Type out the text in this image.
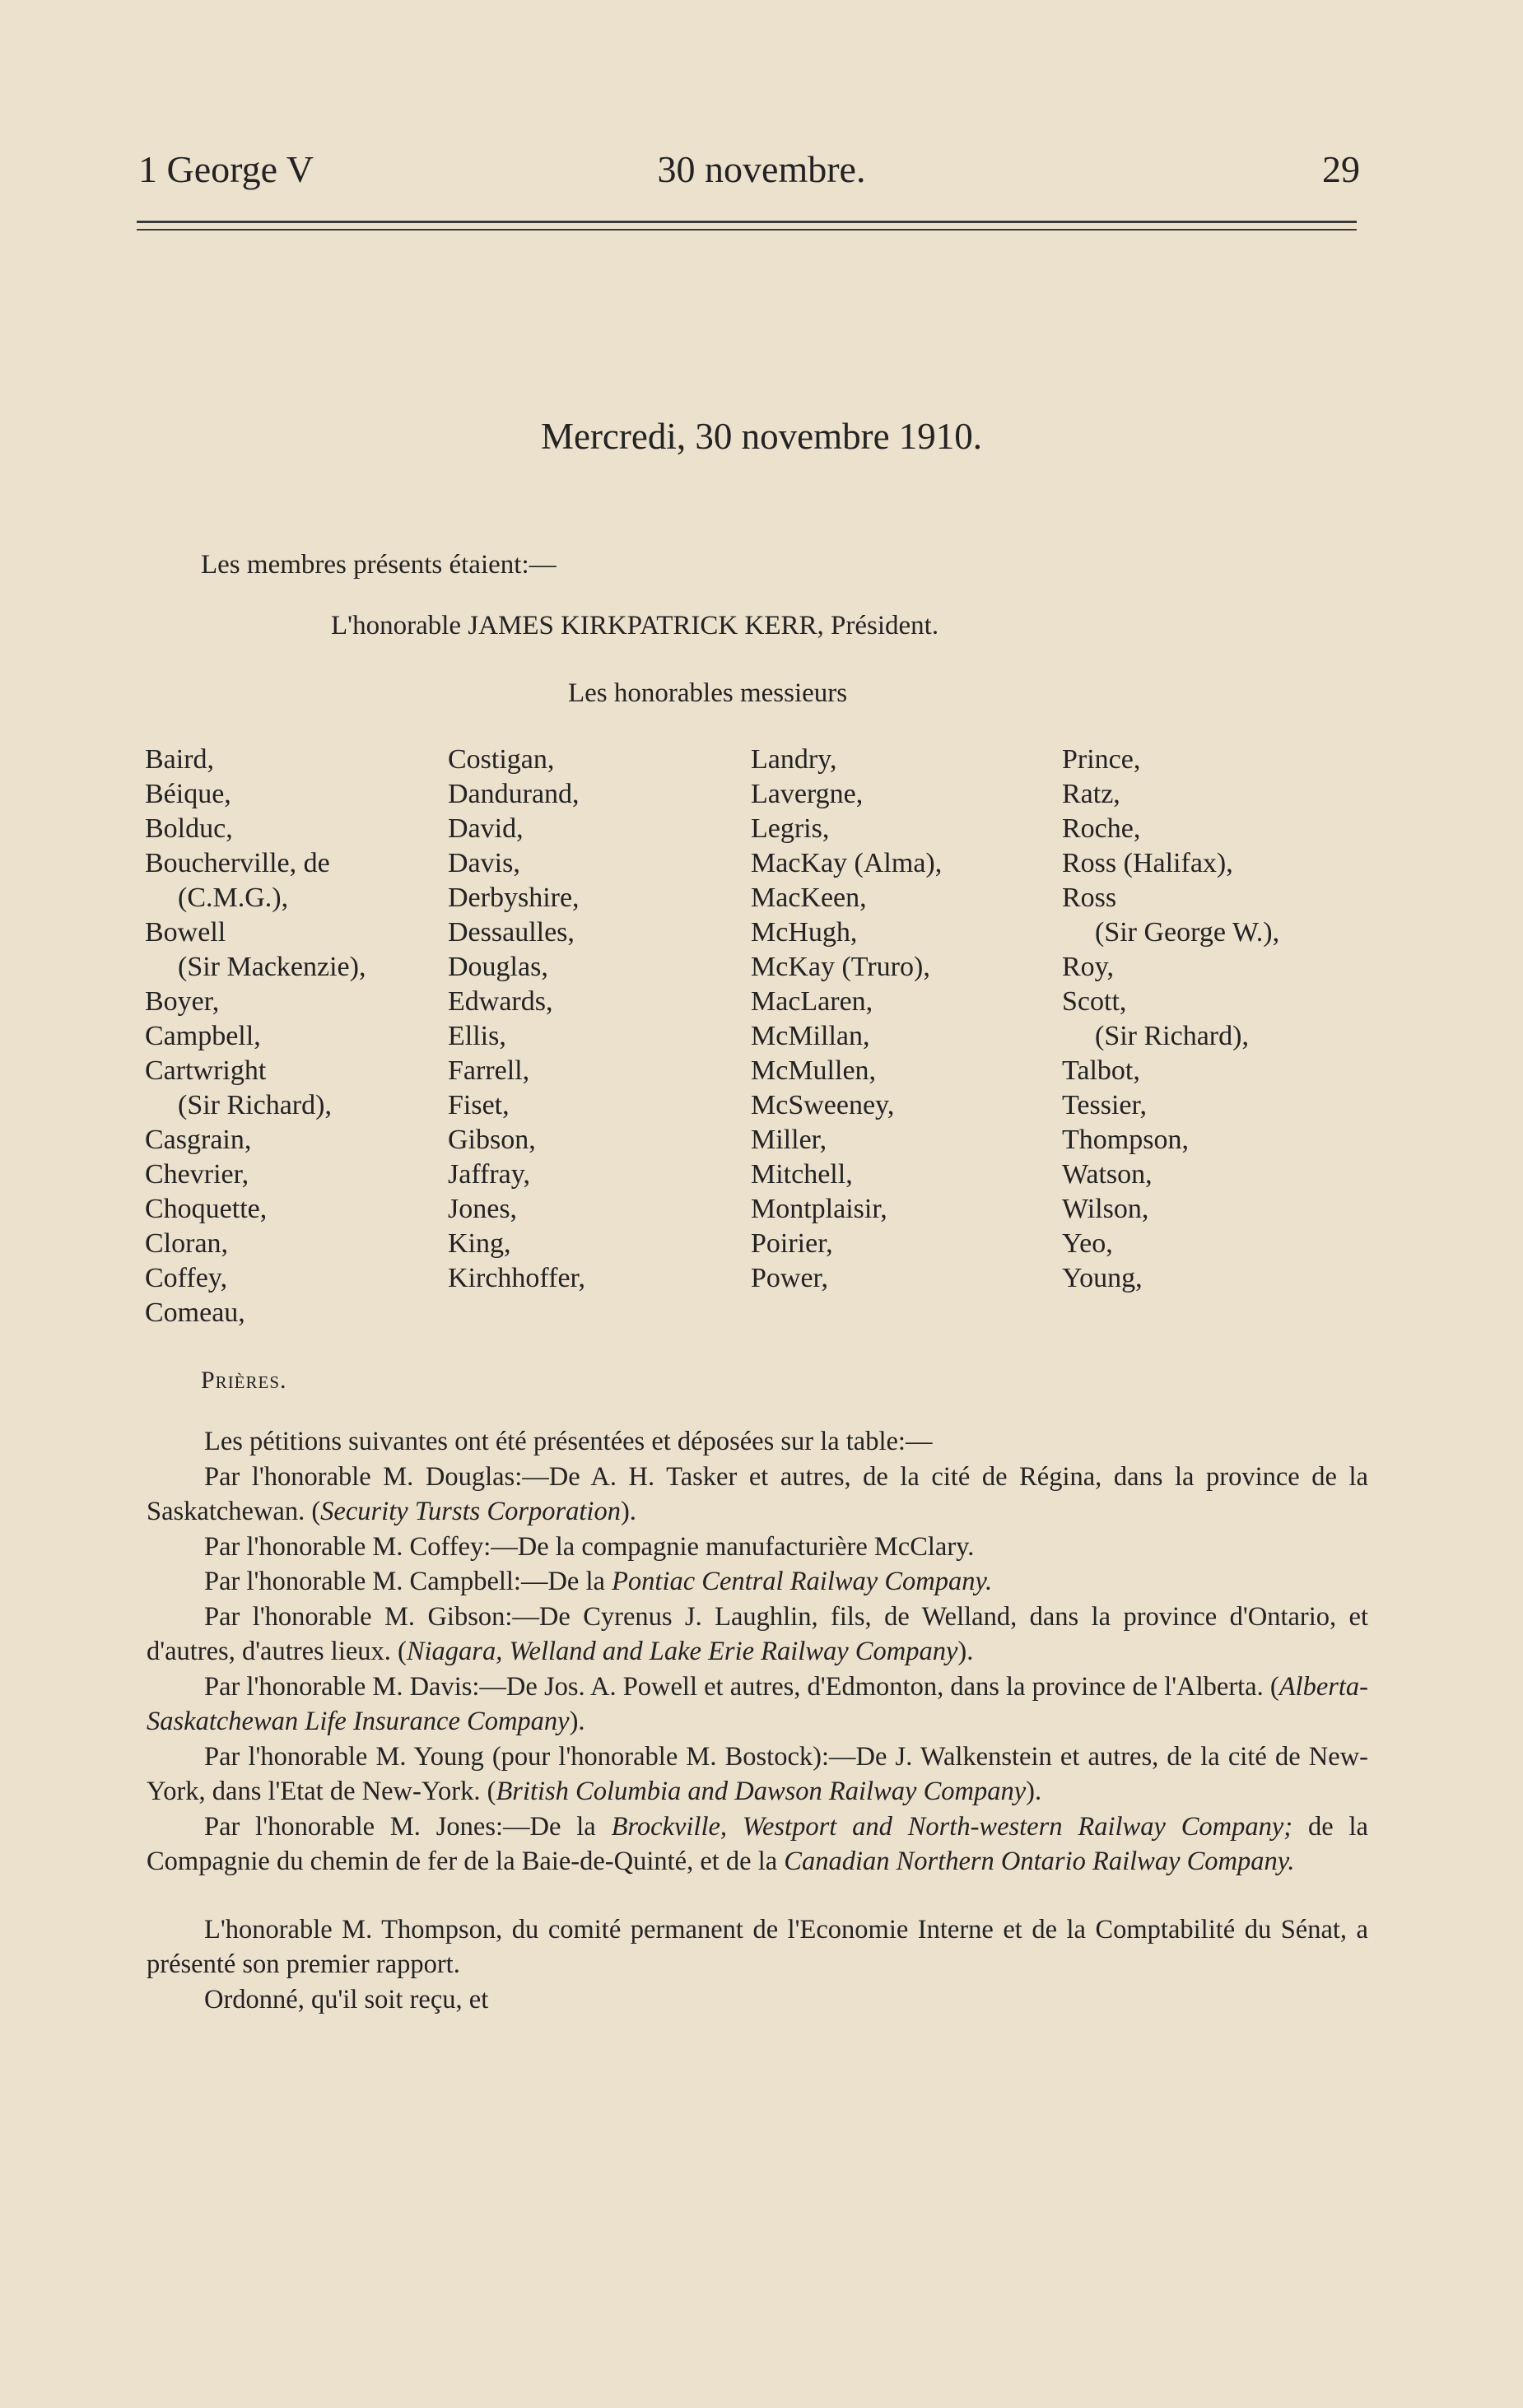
1 George V	30 novembre.	29
Mercredi, 30 novembre 1910.
Les membres présents étaient:—
L'honorable JAMES KIRKPATRICK KERR, Président.
Les honorables messieurs
Baird,
Béique,
Bolduc,
Boucherville, de
(C.M.G.),
Bowell
(Sir Mackenzie),
Boyer,
Campbell,
Cartwright
(Sir Richard),
Casgrain,
Chevrier,
Choquette,
Cloran,
Coffey,
Comeau,
Costigan,
Dandurand,
David,
Davis,
Derbyshire,
Dessaulles,
Douglas,
Edwards,
Ellis,
Farrell,
Fiset,
Gibson,
Jaffray,
Jones,
King,
Kirchhoffer,
Landry,
Lavergne,
Legris,
MacKay (Alma),
MacKeen,
McHugh,
McKay (Truro),
MacLaren,
McMillan,
McMullen,
McSweeney,
Miller,
Mitchell,
Montplaisir,
Poirier,
Power,
Prince,
Ratz,
Roche,
Ross (Halifax),
Ross
(Sir George W.),
Roy,
Scott,
(Sir Richard),
Talbot,
Tessier,
Thompson,
Watson,
Wilson,
Yeo,
Young,
Prières.

Les pétitions suivantes ont été présentées et déposées sur la table:—

Par l'honorable M. Douglas:—De A. H. Tasker et autres, de la cité de Régina, dans la province de la Saskatchewan. (Security Tursts Corporation).

Par l'honorable M. Coffey:—De la compagnie manufacturière McClary.

Par l'honorable M. Campbell:—De la Pontiac Central Railway Company.

Par l'honorable M. Gibson:—De Cyrenus J. Laughlin, fils, de Welland, dans la province d'Ontario, et d'autres, d'autres lieux. (Niagara, Welland and Lake Erie Railway Company).

Par l'honorable M. Davis:—De Jos. A. Powell et autres, d'Edmonton, dans la province de l'Alberta. (Alberta-Saskatchewan Life Insurance Company).

Par l'honorable M. Young (pour l'honorable M. Bostock):—De J. Walkenstein et autres, de la cité de New-York, dans l'Etat de New-York. (British Columbia and Dawson Railway Company).

Par l'honorable M. Jones:—De la Brockville, Westport and North-western Railway Company; de la Compagnie du chemin de fer de la Baie-de-Quinté, et de la Canadian Northern Ontario Railway Company.

L'honorable M. Thompson, du comité permanent de l'Economie Interne et de la Comptabilité du Sénat, a présenté son premier rapport.

Ordonné, qu'il soit reçu, et
